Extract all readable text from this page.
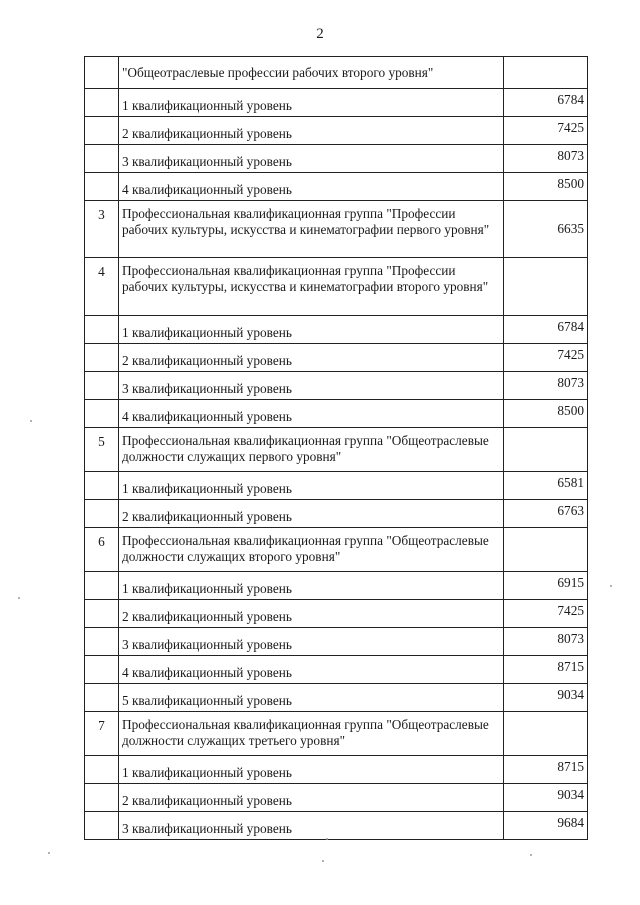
2
	"Общеотраслевые профессии рабочих второго уровня"	
	1 квалификационный уровень	6784
	2 квалификационный уровень	7425
	3 квалификационный уровень	8073
	4 квалификационный уровень	8500
3	Профессиональная квалификационная группа "Профессии рабочих культуры, искусства и кинематографии первого уровня"	6635
4	Профессиональная квалификационная группа "Профессии рабочих культуры, искусства и кинематографии второго уровня"	
	1 квалификационный уровень	6784
	2 квалификационный уровень	7425
	3 квалификационный уровень	8073
	4 квалификационный уровень	8500
5	Профессиональная квалификационная группа "Общеотраслевые должности служащих первого уровня"	
	1 квалификационный уровень	6581
	2 квалификационный уровень	6763
6	Профессиональная квалификационная группа "Общеотраслевые должности служащих второго уровня"	
	1 квалификационный уровень	6915
	2 квалификационный уровень	7425
	3 квалификационный уровень	8073
	4 квалификационный уровень	8715
	5 квалификационный уровень	9034
7	Профессиональная квалификационная группа "Общеотраслевые должности служащих третьего уровня"	
	1 квалификационный уровень	8715
	2 квалификационный уровень	9034
	3 квалификационный уровень	9684
